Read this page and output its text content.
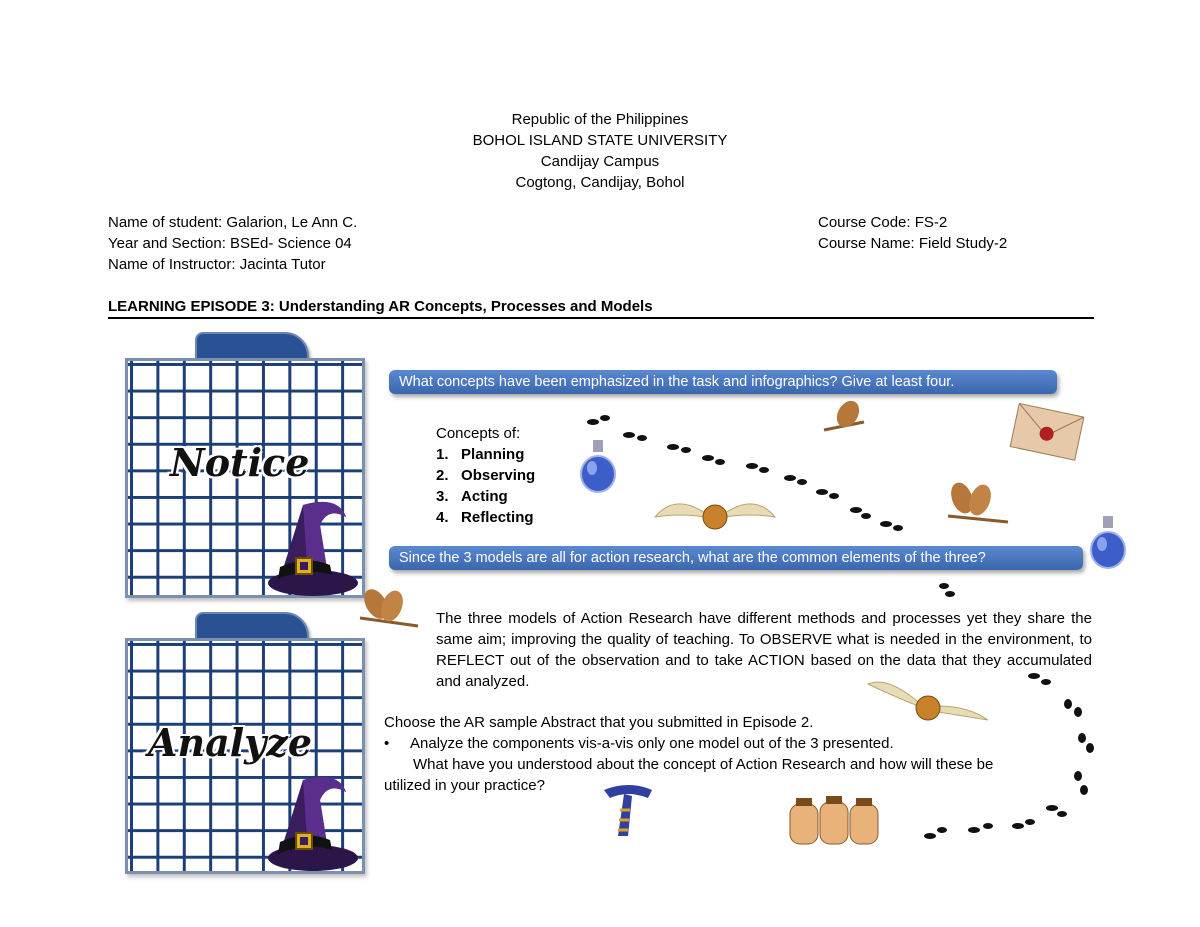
Republic of the Philippines
BOHOL ISLAND STATE UNIVERSITY
Candijay Campus
Cogtong, Candijay, Bohol
Name of student: Galarion, Le Ann C.
Year and Section: BSEd- Science 04
Name of Instructor: Jacinta Tutor
Course Code: FS-2
Course Name: Field Study-2
LEARNING EPISODE 3: Understanding AR Concepts, Processes and Models
Notice
Analyze
What concepts have been emphasized in the task and infographics? Give at least four.
Concepts of:
1. Planning
2. Observing
3. Acting
4. Reflecting
Since the 3 models are all for action research, what are the common elements of the three?
The three models of Action Research have different methods and processes yet they share the same aim; improving the quality of teaching. To OBSERVE what is needed in the environment, to REFLECT out of the observation and to take ACTION based on the data that they accumulated and analyzed.
Choose the AR sample Abstract that you submitted in Episode 2.
• Analyze the components vis-a-vis only one model out of the 3 presented.
What have you understood about the concept of Action Research and how will these be
utilized in your practice?
